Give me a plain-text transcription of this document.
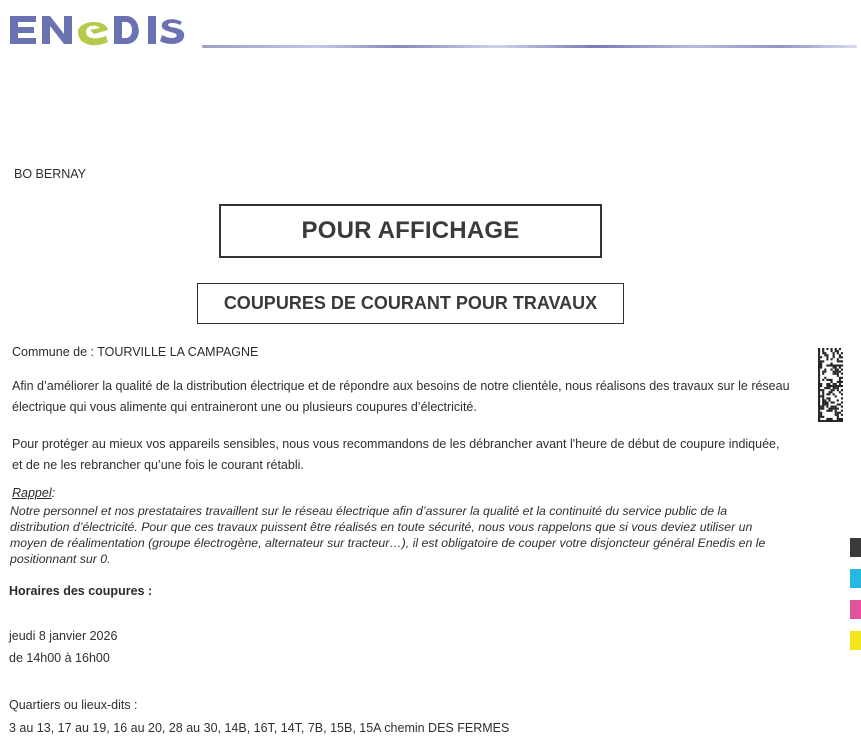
BO BERNAY
POUR AFFICHAGE
COUPURES DE COURANT POUR TRAVAUX
Commune de : TOURVILLE LA CAMPAGNE
Afin d’améliorer la qualité de la distribution électrique et de répondre aux besoins de notre clientèle, nous réalisons des travaux sur le réseau électrique qui vous alimente qui entraineront une ou plusieurs coupures d’électricité.
Pour protéger au mieux vos appareils sensibles, nous vous recommandons de les débrancher avant l'heure de début de coupure indiquée, et de ne les rebrancher qu’une fois le courant rétabli.
Rappel:
Notre personnel et nos prestataires travaillent sur le réseau électrique afin d’assurer la qualité et la continuité du service public de la distribution d’électricité. Pour que ces travaux puissent être réalisés en toute sécurité, nous vous rappelons que si vous deviez utiliser un moyen de réalimentation (groupe électrogène, alternateur sur tracteur…), il est obligatoire de couper votre disjoncteur général Enedis en le positionnant sur 0.
Horaires des coupures :
jeudi 8 janvier 2026
de 14h00 à 16h00
Quartiers ou lieux-dits :
3 au 13, 17 au 19, 16 au 20, 28 au 30, 14B, 16T, 14T, 7B, 15B, 15A chemin DES FERMES
